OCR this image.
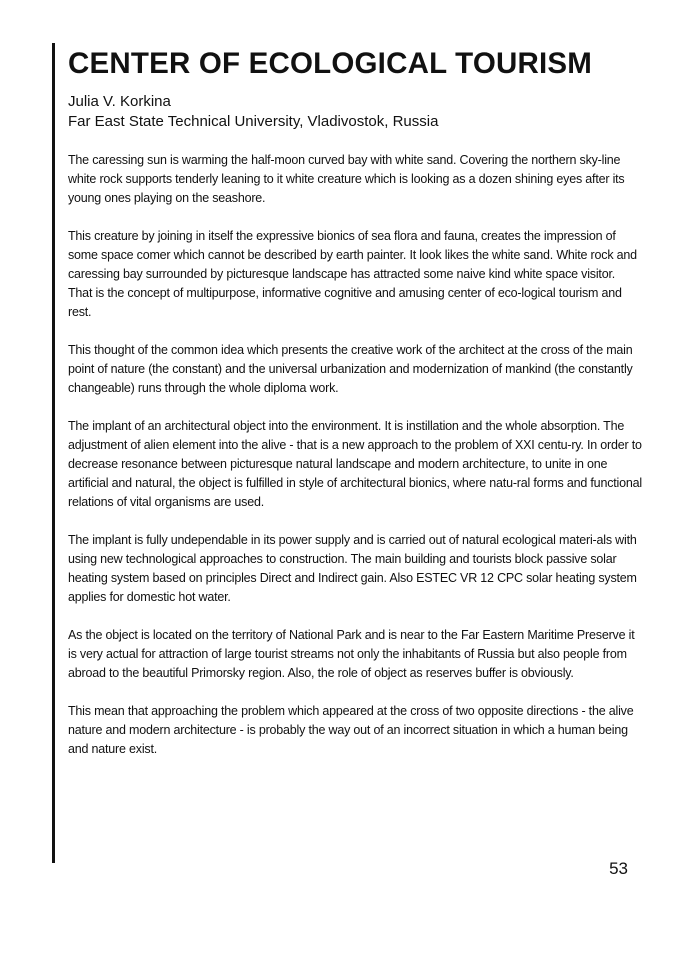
CENTER OF ECOLOGICAL TOURISM
Julia V. Korkina
Far East State Technical University, Vladivostok, Russia

The caressing sun is warming the half-moon curved bay with white sand. Covering the northern sky-line white rock supports tenderly leaning to it white creature which is looking as a dozen shining eyes after its young ones playing on the seashore.

This creature by joining in itself the expressive bionics of sea flora and fauna, creates the impression of some space comer which cannot be described by earth painter. It look likes the white sand. White rock and caressing bay surrounded by picturesque landscape has attracted some naive kind white space visitor. That is the concept of multipurpose, informative cognitive and amusing center of eco-logical tourism and rest.

This thought of the common idea which presents the creative work of the architect at the cross of the main point of nature (the constant) and the universal urbanization and modernization of mankind (the constantly changeable) runs through the whole diploma work.

The implant of an architectural object into the environment. It is instillation and the whole absorption. The adjustment of alien element into the alive - that is a new approach to the problem of XXI centu-ry. In order to decrease resonance between picturesque natural landscape and modern architecture, to unite in one artificial and natural, the object is fulfilled in style of architectural bionics, where natu-ral forms and functional relations of vital organisms are used.

The implant is fully undependable in its power supply and is carried out of natural ecological materi-als with using new technological approaches to construction. The main building and tourists block passive solar heating system based on principles Direct and Indirect gain. Also ESTEC VR 12 CPC solar heating system applies for domestic hot water.

As the object is located on the territory of National Park and is near to the Far Eastern Maritime Preserve it is very actual for attraction of large tourist streams not only the inhabitants of Russia but also people from abroad to the beautiful Primorsky region. Also, the role of object as reserves buffer is obviously.

This mean that approaching the problem which appeared at the cross of two opposite directions - the alive nature and modern architecture - is probably the way out of an incorrect situation in which a human being and nature exist.

53
